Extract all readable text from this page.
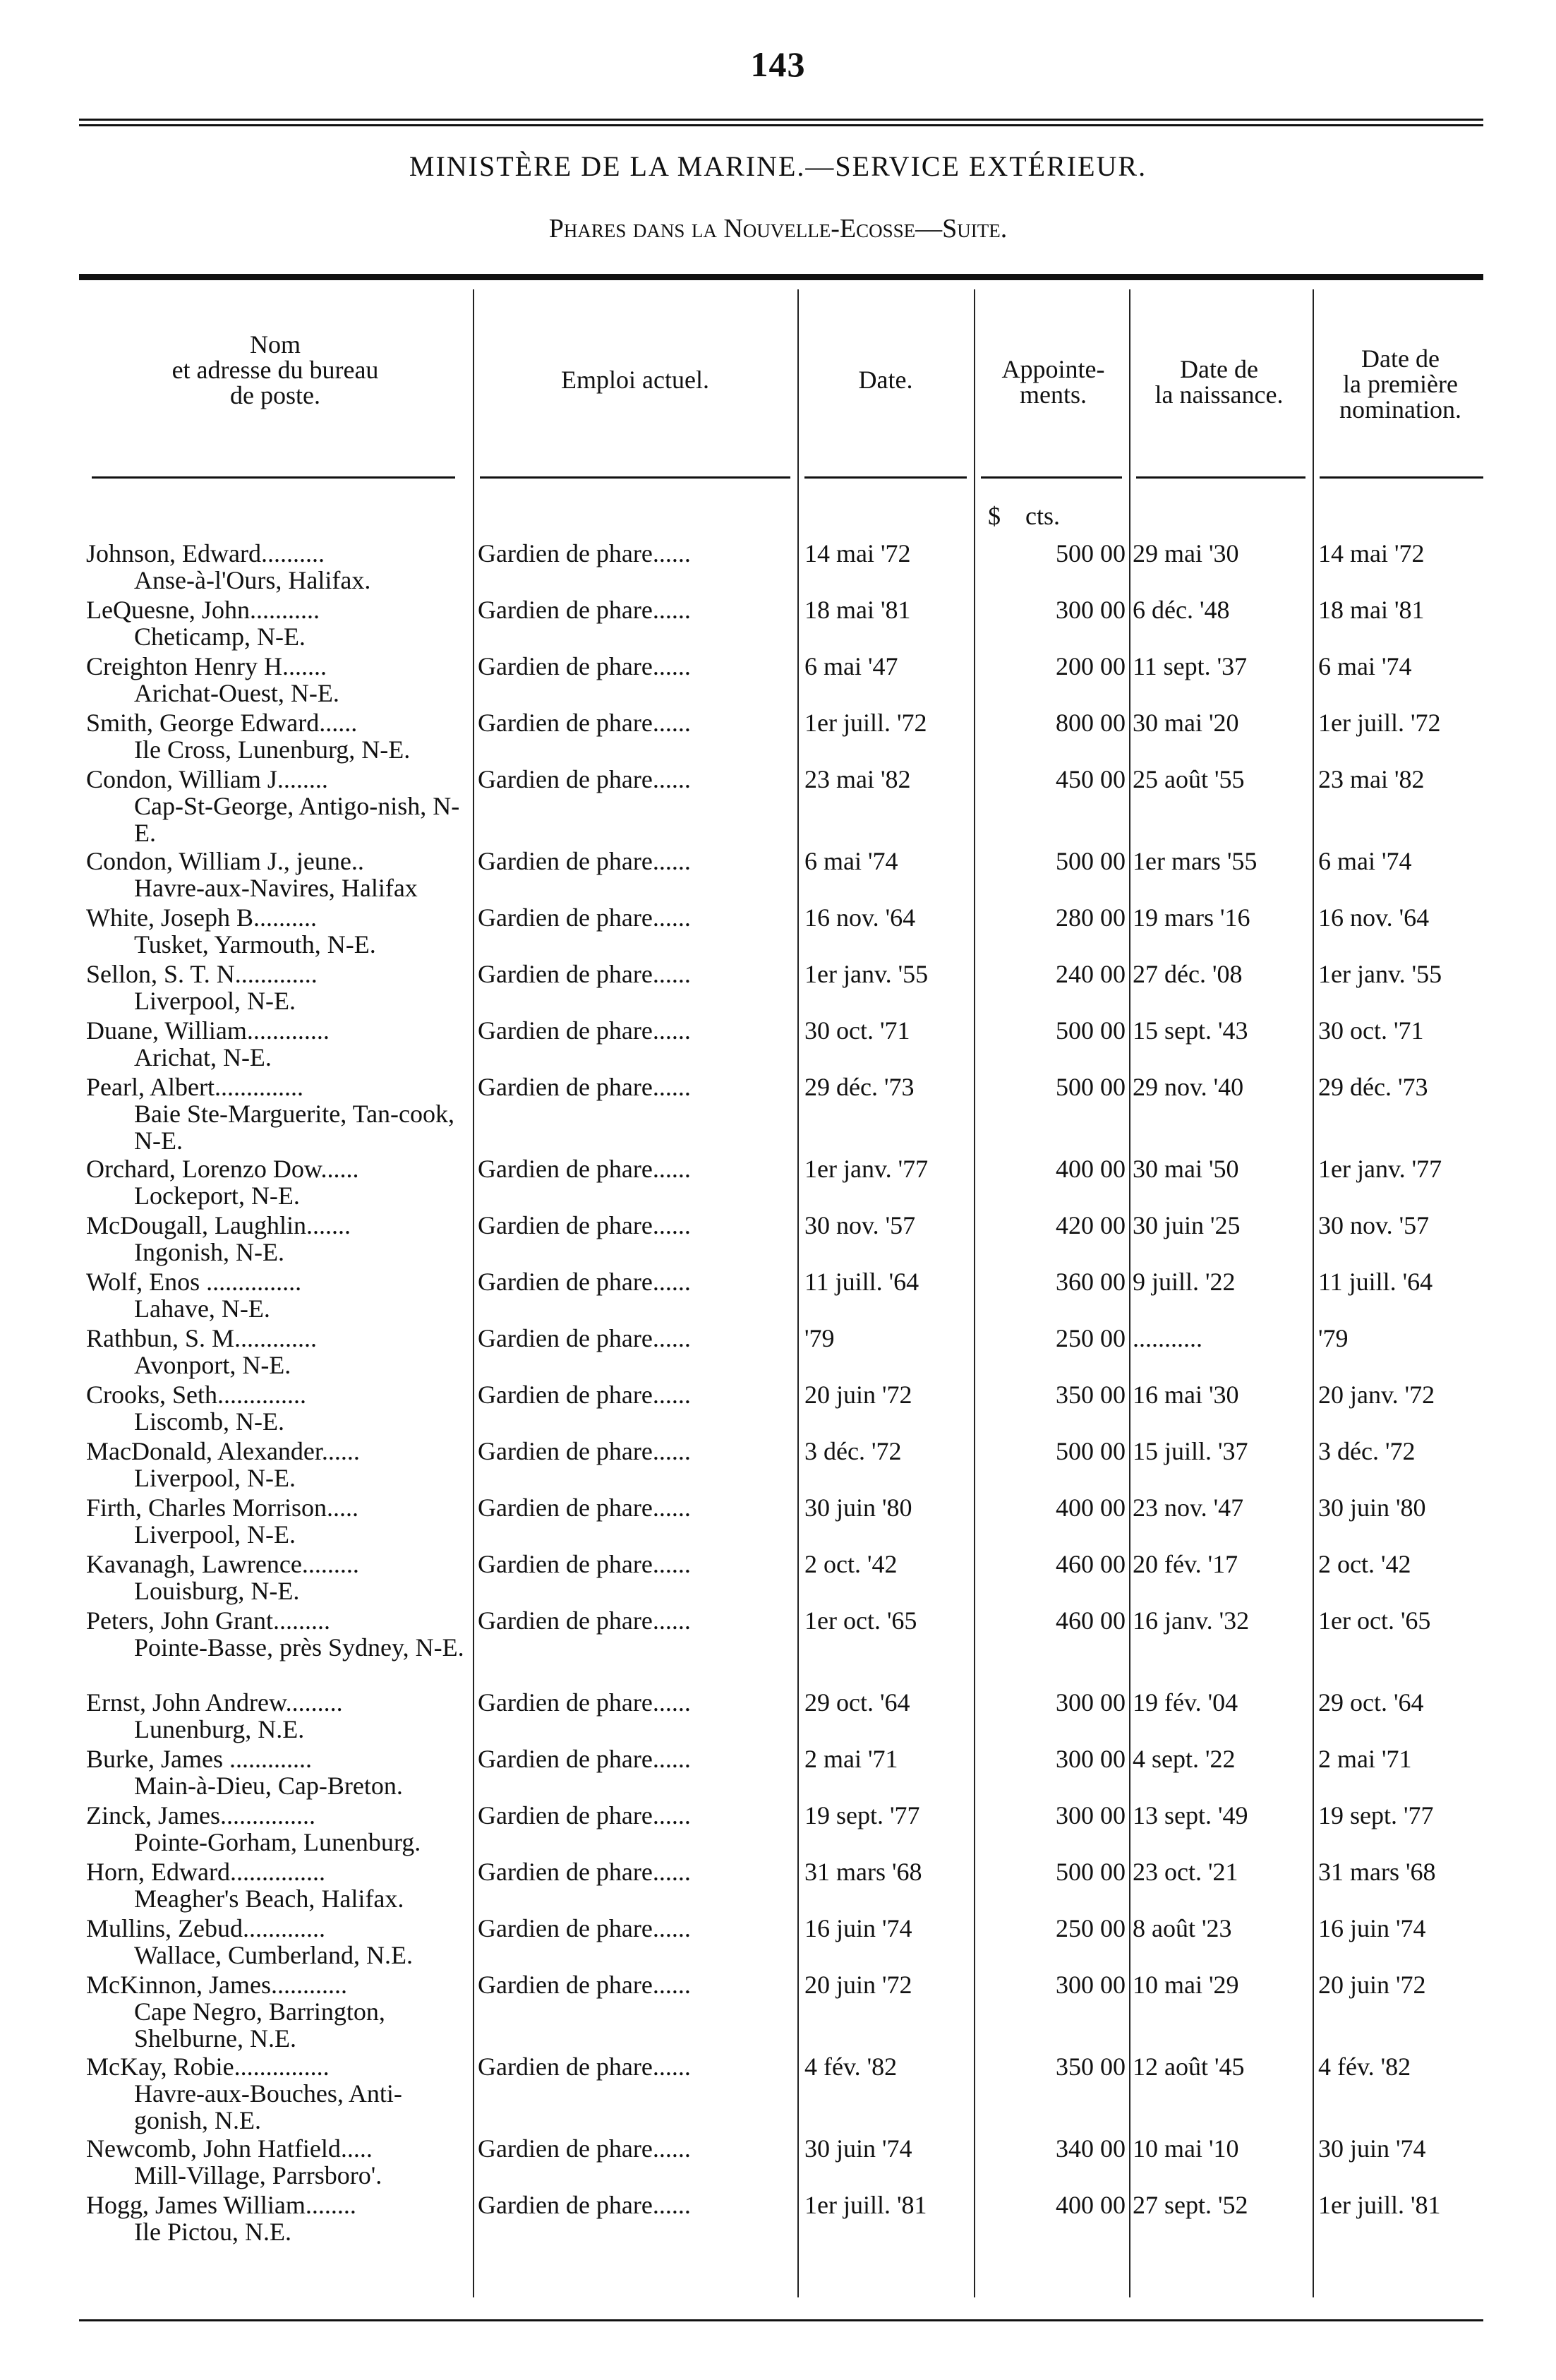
143
MINISTÈRE DE LA MARINE.—SERVICE EXTÉRIEUR.
Phares dans la Nouvelle-Ecosse—Suite.
Nom
et adresse du bureau
de poste.
Emploi actuel.	Date.	Appointe-
ments.
Date de
la naissance.
Date de
la première
nomination.
$ cts.
Johnson, Edward..........
Anse-à-l'Ours, Halifax.
Gardien de phare......	14 mai '72	500 00 29 mai '30	14 mai '72
LeQuesne, John...........
Cheticamp, N-E.
Gardien de phare......	18 mai '81	300 00 6 déc. '48	18 mai '81
Creighton Henry H.......
Arichat-Ouest, N-E.
Gardien de phare......	6 mai '47	200 00 11 sept. '37	6 mai '74
Smith, George Edward......
Ile Cross, Lunenburg, N-E.
Gardien de phare......	1er juill. '72	800 00 30 mai '20	1er juill. '72
Condon, William J........
Cap-St-George, Antigo-nish, N-E.
Gardien de phare......	23 mai '82	450 00 25 août '55	23 mai '82
Condon, William J., jeune..
Havre-aux-Navires, Halifax
Gardien de phare......	6 mai '74	500 00 1er mars '55	6 mai '74
White, Joseph B..........
Tusket, Yarmouth, N-E.
Gardien de phare......	16 nov. '64	280 00 19 mars '16	16 nov. '64
Sellon, S. T. N.............
Liverpool, N-E.
Gardien de phare......	1er janv. '55	240 00 27 déc. '08	1er janv. '55
Duane, William.............
Arichat, N-E.
Gardien de phare......	30 oct. '71	500 00 15 sept. '43	30 oct. '71
Pearl, Albert..............
Baie Ste-Marguerite, Tan-cook, N-E.
Gardien de phare......	29 déc. '73	500 00 29 nov. '40	29 déc. '73
Orchard, Lorenzo Dow......
Lockeport, N-E.
Gardien de phare......	1er janv. '77	400 00 30 mai '50	1er janv. '77
McDougall, Laughlin.......
Ingonish, N-E.
Gardien de phare......	30 nov. '57	420 00 30 juin '25	30 nov. '57
Wolf, Enos ...............
Lahave, N-E.
Gardien de phare......	11 juill. '64	360 00 9 juill. '22	11 juill. '64
Rathbun, S. M.............
Avonport, N-E.
Gardien de phare......	'79	250 00 ...........	'79
Crooks, Seth..............
Liscomb, N-E.
Gardien de phare......	20 juin '72	350 00 16 mai '30	20 janv. '72
MacDonald, Alexander......
Liverpool, N-E.
Gardien de phare......	3 déc. '72	500 00 15 juill. '37	3 déc. '72
Firth, Charles Morrison.....
Liverpool, N-E.
Gardien de phare......	30 juin '80	400 00 23 nov. '47	30 juin '80
Kavanagh, Lawrence.........
Louisburg, N-E.
Gardien de phare......	2 oct. '42	460 00 20 fév. '17	2 oct. '42
Peters, John Grant.........
Pointe-Basse, près Sydney, N-E.
Gardien de phare......	1er oct. '65	460 00 16 janv. '32	1er oct. '65
Ernst, John Andrew.........
Lunenburg, N.E.
Gardien de phare......	29 oct. '64	300 00 19 fév. '04	29 oct. '64
Burke, James .............
Main-à-Dieu, Cap-Breton.
Gardien de phare......	2 mai '71	300 00 4 sept. '22	2 mai '71
Zinck, James...............
Pointe-Gorham, Lunenburg.
Gardien de phare......	19 sept. '77	300 00 13 sept. '49	19 sept. '77
Horn, Edward...............
Meagher's Beach, Halifax.
Gardien de phare......	31 mars '68	500 00 23 oct. '21	31 mars '68
Mullins, Zebud.............
Wallace, Cumberland, N.E.
Gardien de phare......	16 juin '74	250 00 8 août '23	16 juin '74
McKinnon, James............
Cape Negro, Barrington, Shelburne, N.E.
Gardien de phare......	20 juin '72	300 00 10 mai '29	20 juin '72
McKay, Robie...............
Havre-aux-Bouches, Anti-gonish, N.E.
Gardien de phare......	4 fév. '82	350 00 12 août '45	4 fév. '82
Newcomb, John Hatfield.....
Mill-Village, Parrsboro'.
Gardien de phare......	30 juin '74	340 00 10 mai '10	30 juin '74
Hogg, James William........
Ile Pictou, N.E.
Gardien de phare......	1er juill. '81	400 00 27 sept. '52	1er juill. '81
